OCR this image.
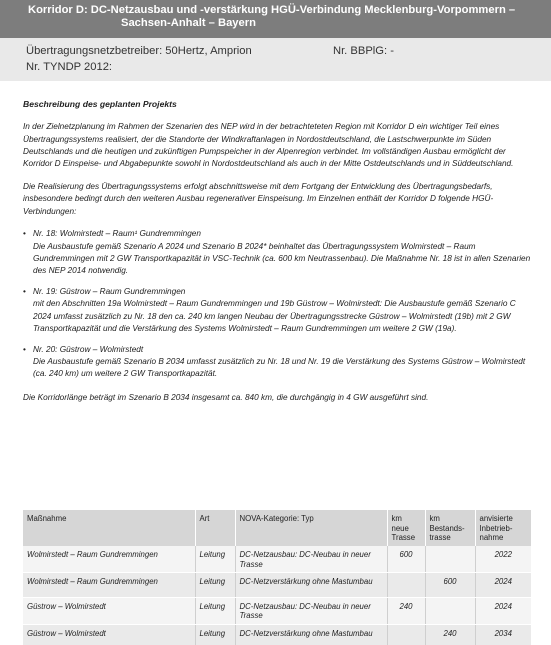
Korridor D: DC-Netzausbau und -verstärkung HGÜ-Verbindung Mecklenburg-Vorpommern –
Sachsen-Anhalt – Bayern
Übertragungsnetzbetreiber: 50Hertz, Amprion	Nr. BBPlG: -
Nr. TYNDP 2012:
Beschreibung des geplanten Projekts

In der Zielnetzplanung im Rahmen der Szenarien des NEP wird in der betrachteteten Region mit Korridor D ein wichtiger Teil eines Übertragungssystems realisiert, der die Standorte der Windkraftanlagen in Nordostdeutschland, die Lastschwerpunkte im Süden Deutschlands und die heutigen und zukünftigen Pumpspeicher in der Alpenregion verbindet. Im vollständigen Ausbau ermöglicht der Korridor D Einspeise- und Abgabepunkte sowohl in Nordostdeutschland als auch in der Mitte Ostdeutschlands und in Süddeutschland.

Die Realisierung des Übertragungssystems erfolgt abschnittsweise mit dem Fortgang der Entwicklung des Übertragungsbedarfs, insbesondere bedingt durch den weiteren Ausbau regenerativer Einspeisung. Im Einzelnen enthält der Korridor D folgende HGÜ-Verbindungen:

• Nr. 18: Wolmirstedt – Raum¹ Gundremmingen
Die Ausbaustufe gemäß Szenario A 2024 und Szenario B 2024* beinhaltet das Übertragungssystem Wolmirstedt – Raum Gundremmingen mit 2 GW Transportkapazität in VSC-Technik (ca. 600 km Neutrassenbau). Die Maßnahme Nr. 18 ist in allen Szenarien des NEP 2014 notwendig.
• Nr. 19: Güstrow – Raum Gundremmingen
mit den Abschnitten 19a Wolmirstedt – Raum Gundremmingen und 19b Güstrow – Wolmirstedt: Die Ausbaustufe gemäß Szenario C 2024 umfasst zusätzlich zu Nr. 18 den ca. 240 km langen Neubau der Übertragungsstrecke Güstrow – Wolmirstedt (19b) mit 2 GW Transportkapazität und die Verstärkung des Systems Wolmirstedt – Raum Gundremmingen um weitere 2 GW (19a).
• Nr. 20: Güstrow – Wolmirstedt
Die Ausbaustufe gemäß Szenario B 2034 umfasst zusätzlich zu Nr. 18 und Nr. 19 die Verstärkung des Systems Güstrow – Wolmirstedt (ca. 240 km) um weitere 2 GW Transportkapazität.

Die Korridorlänge beträgt im Szenario B 2034 insgesamt ca. 840 km, die durchgängig in 4 GW ausgeführt sind.

Maßnahme	Art	NOVA-Kategorie: Typ	km neue Trasse	km Bestands-trasse	anvisierte Inbetrieb-nahme
Wolmirstedt – Raum Gundremmingen	Leitung	DC-Netzausbau: DC-Neubau in neuer Trasse	600		2022
Wolmirstedt – Raum Gundremmingen	Leitung	DC-Netzverstärkung ohne Mastumbau		600	2024
Güstrow – Wolmirstedt	Leitung	DC-Netzausbau: DC-Neubau in neuer Trasse	240		2024
Güstrow – Wolmirstedt	Leitung	DC-Netzverstärkung ohne Mastumbau		240	2034
